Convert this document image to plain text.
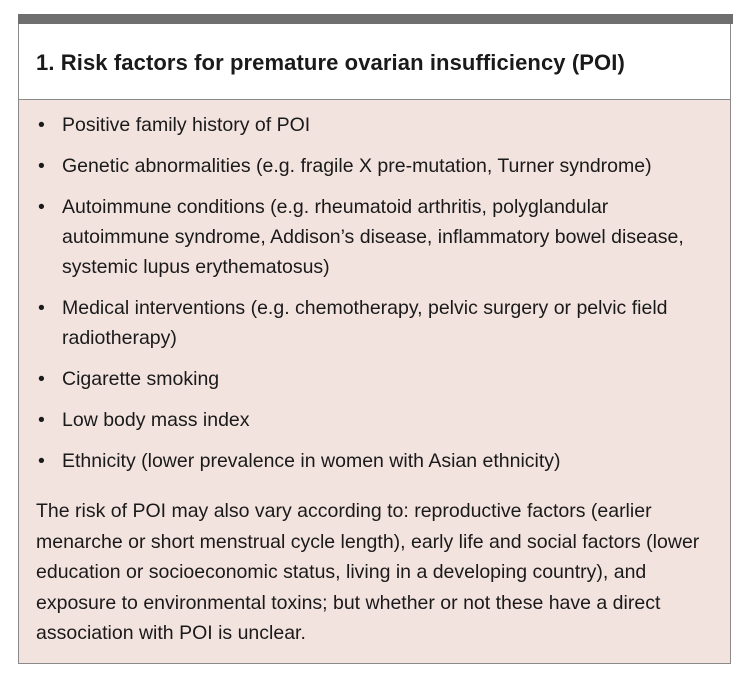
1. Risk factors for premature ovarian insufficiency (POI)
• Positive family history of POI
• Genetic abnormalities (e.g. fragile X pre-mutation, Turner syndrome)
• Autoimmune conditions (e.g. rheumatoid arthritis, polyglandular autoimmune syndrome, Addison’s disease, inflammatory bowel disease, systemic lupus erythematosus)
• Medical interventions (e.g. chemotherapy, pelvic surgery or pelvic field radiotherapy)
• Cigarette smoking
• Low body mass index
• Ethnicity (lower prevalence in women with Asian ethnicity)

The risk of POI may also vary according to: reproductive factors (earlier menarche or short menstrual cycle length), early life and social factors (lower education or socioeconomic status, living in a developing country), and exposure to environmental toxins; but whether or not these have a direct association with POI is unclear.
